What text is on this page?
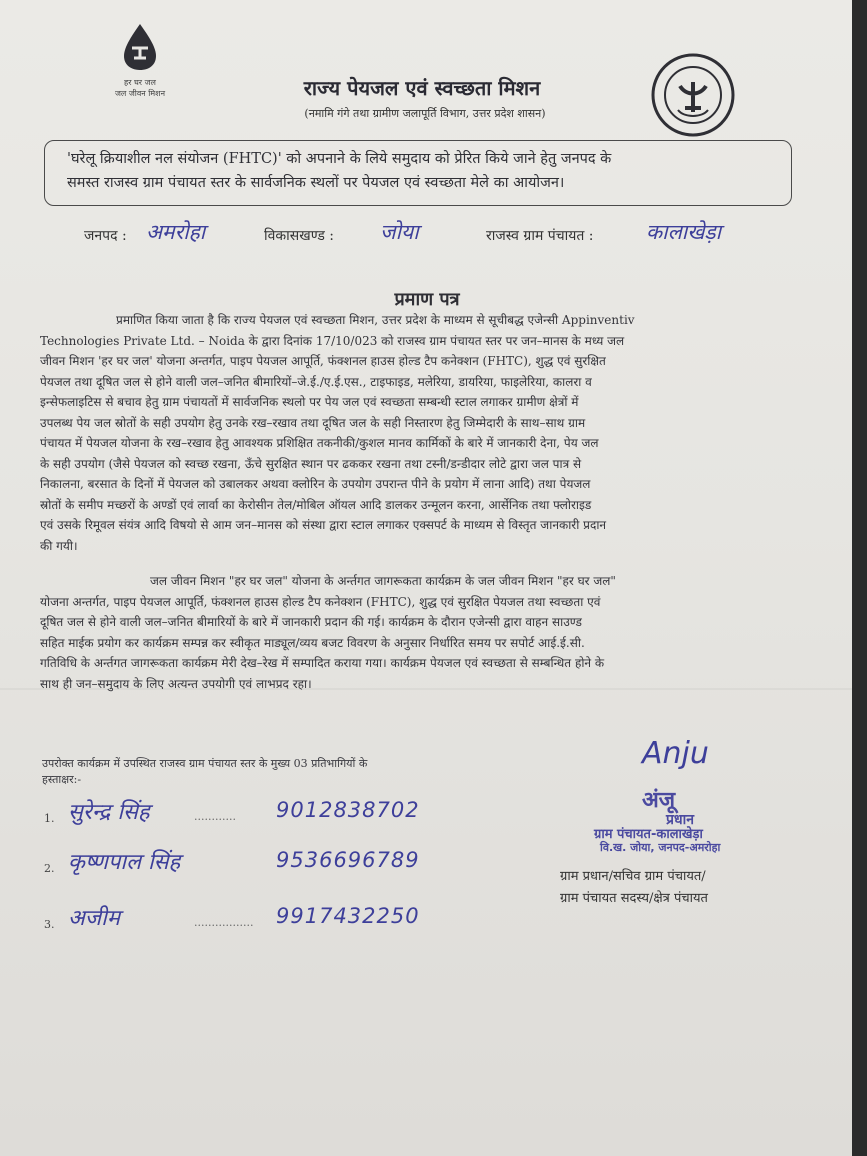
हर घर जल
जल जीवन मिशन	राज्य पेयजल एवं स्वच्छता मिशन
(नमामि गंगे तथा ग्रामीण जलापूर्ति विभाग, उत्तर प्रदेश शासन)
'घरेलू क्रियाशील नल संयोजन (FHTC)' को अपनाने के लिये समुदाय को प्रेरित किये जाने हेतु जनपद के
समस्त राजस्व ग्राम पंचायत स्तर के सार्वजनिक स्थलों पर पेयजल एवं स्वच्छता मेले का आयोजन।
जनपद : अमरोहा	विकासखण्ड : जोया	राजस्व ग्राम पंचायत :	कालाखेड़ा
प्रमाण पत्र
प्रमाणित किया जाता है कि राज्य पेयजल एवं स्वच्छता मिशन, उत्तर प्रदेश के माध्यम से सूचीबद्ध एजेन्सी Appinventiv
Technologies Private Ltd. – Noida के द्वारा दिनांक 17/10/023 को राजस्व ग्राम पंचायत स्तर पर जन–मानस के मध्य जल
जीवन मिशन 'हर घर जल' योजना अन्तर्गत, पाइप पेयजल आपूर्ति, फंक्शनल हाउस होल्ड टैप कनेक्शन (FHTC), शुद्ध एवं सुरक्षित
पेयजल तथा दूषित जल से होने वाली जल–जनित बीमारियों–जे.ई./ए.ई.एस., टाइफाइड, मलेरिया, डायरिया, फाइलेरिया, कालरा व
इन्सेफलाइटिस से बचाव हेतु ग्राम पंचायतों में सार्वजनिक स्थलो पर पेय जल एवं स्वच्छता सम्बन्धी स्टाल लगाकर ग्रामीण क्षेत्रों में
उपलब्ध पेय जल स्रोतों के सही उपयोग हेतु उनके रख–रखाव तथा दूषित जल के सही निस्तारण हेतु जिम्मेदारी के साथ–साथ ग्राम
पंचायत में पेयजल योजना के रख–रखाव हेतु आवश्यक प्रशिक्षित तकनीकी/कुशल मानव कार्मिकों के बारे में जानकारी देना, पेय जल
के सही उपयोग (जैसे पेयजल को स्वच्छ रखना, ऊँचे सुरक्षित स्थान पर ढककर रखना तथा टस्नी/डन्डीदार लोटे द्वारा जल पात्र से
निकालना, बरसात के दिनों में पेयजल को उबालकर अथवा क्लोरिन के उपयोग उपरान्त पीने के प्रयोग में लाना आदि) तथा पेयजल
स्रोतों के समीप मच्छरों के अण्डों एवं लार्वा का केरोसीन तेल/मोबिल ऑयल आदि डालकर उन्मूलन करना, आर्सेनिक तथा फ्लोराइड
एवं उसके रिमूवल संयंत्र आदि विषयो से आम जन–मानस को संस्था द्वारा स्टाल लगाकर एक्सपर्ट के माध्यम से विस्तृत जानकारी प्रदान
की गयी।
जल जीवन मिशन "हर घर जल" योजना के अर्न्तगत जागरूकता कार्यक्रम के जल जीवन मिशन "हर घर जल"
योजना अन्तर्गत, पाइप पेयजल आपूर्ति, फंक्शनल हाउस होल्ड टैप कनेक्शन (FHTC), शुद्ध एवं सुरक्षित पेयजल तथा स्वच्छता एवं
दूषित जल से होने वाली जल–जनित बीमारियों के बारे में जानकारी प्रदान की गई। कार्यक्रम के दौरान एजेन्सी द्वारा वाहन साउण्ड
सहित माईक प्रयोग कर कार्यक्रम सम्पन्न कर स्वीकृत माड्यूल/व्यय बजट विवरण के अनुसार निर्धारित समय पर सपोर्ट आई.ई.सी.
गतिविधि के अर्न्तगत जागरूकता कार्यक्रम मेरी देख–रेख में सम्पादित कराया गया। कार्यक्रम पेयजल एवं स्वच्छता से सम्बन्धित होने के
साथ ही जन–समुदाय के लिए अत्यन्त उपयोगी एवं लाभप्रद रहा।
उपरोक्त कार्यक्रम में उपस्थित राजस्व ग्राम पंचायत स्तर के मुख्य 03 प्रतिभागियों के
हस्ताक्षर:-
1. सुरेन्द्र सिंह	............ 9012838702
2. कृष्णपाल सिंह	9536696789
3. अजीम	................. 9917432250
Anju
अंजू
प्रधान
ग्राम पंचायत-कालाखेड़ा
वि.ख. जोया, जनपद-अमरोहा
ग्राम प्रधान/सचिव ग्राम पंचायत/
ग्राम पंचायत सदस्य/क्षेत्र पंचायत
